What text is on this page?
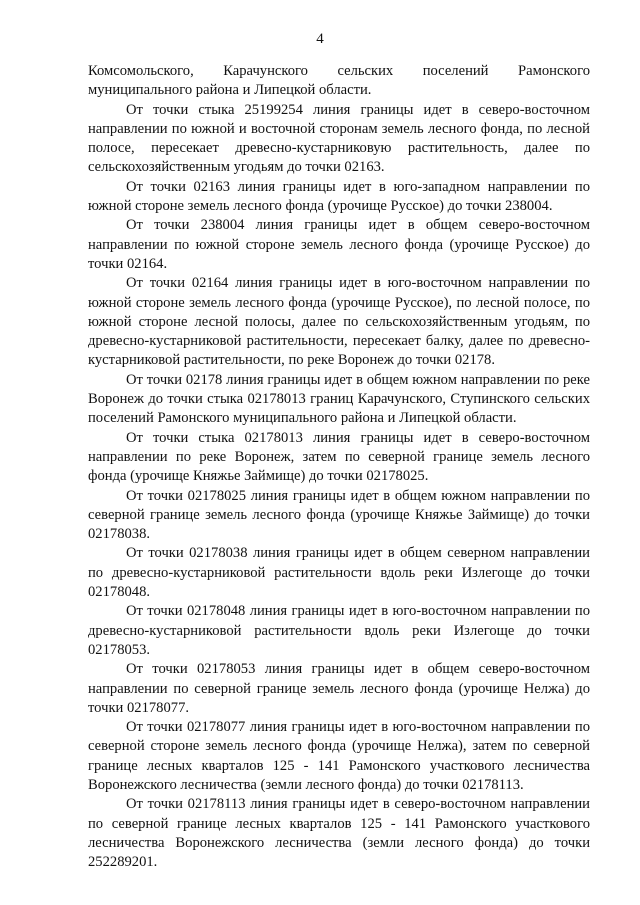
4

Комсомольского, Карачунского сельских поселений Рамонского муниципального района и Липецкой области.

От точки стыка 25199254 линия границы идет в северо-восточном направлении по южной и восточной сторонам земель лесного фонда, по лесной полосе, пересекает древесно-кустарниковую растительность, далее по сельскохозяйственным угодьям до точки 02163.

От точки 02163 линия границы идет в юго-западном направлении по южной стороне земель лесного фонда (урочище Русское) до точки 238004.

От точки 238004 линия границы идет в общем северо-восточном направлении по южной стороне земель лесного фонда (урочище Русское) до точки 02164.

От точки 02164 линия границы идет в юго-восточном направлении по южной стороне земель лесного фонда (урочище Русское), по лесной полосе, по южной стороне лесной полосы, далее по сельскохозяйственным угодьям, по древесно-кустарниковой растительности, пересекает балку, далее по древесно-кустарниковой растительности, по реке Воронеж до точки 02178.

От точки 02178 линия границы идет в общем южном направлении по реке Воронеж до точки стыка 02178013 границ Карачунского, Ступинского сельских поселений Рамонского муниципального района и Липецкой области.

От точки стыка 02178013 линия границы идет в северо-восточном направлении по реке Воронеж, затем по северной границе земель лесного фонда (урочище Княжье Займище) до точки 02178025.

От точки 02178025 линия границы идет в общем южном направлении по северной границе земель лесного фонда (урочище Княжье Займище) до точки 02178038.

От точки 02178038 линия границы идет в общем северном направлении по древесно-кустарниковой растительности вдоль реки Излегоще до точки 02178048.

От точки 02178048 линия границы идет в юго-восточном направлении по древесно-кустарниковой растительности вдоль реки Излегоще до точки 02178053.

От точки 02178053 линия границы идет в общем северо-восточном направлении по северной границе земель лесного фонда (урочище Нелжа) до точки 02178077.

От точки 02178077 линия границы идет в юго-восточном направлении по северной стороне земель лесного фонда (урочище Нелжа), затем по северной границе лесных кварталов 125 - 141 Рамонского участкового лесничества Воронежского лесничества (земли лесного фонда) до точки 02178113.

От точки 02178113 линия границы идет в северо-восточном направлении по северной границе лесных кварталов 125 - 141 Рамонского участкового лесничества Воронежского лесничества (земли лесного фонда) до точки 252289201.
